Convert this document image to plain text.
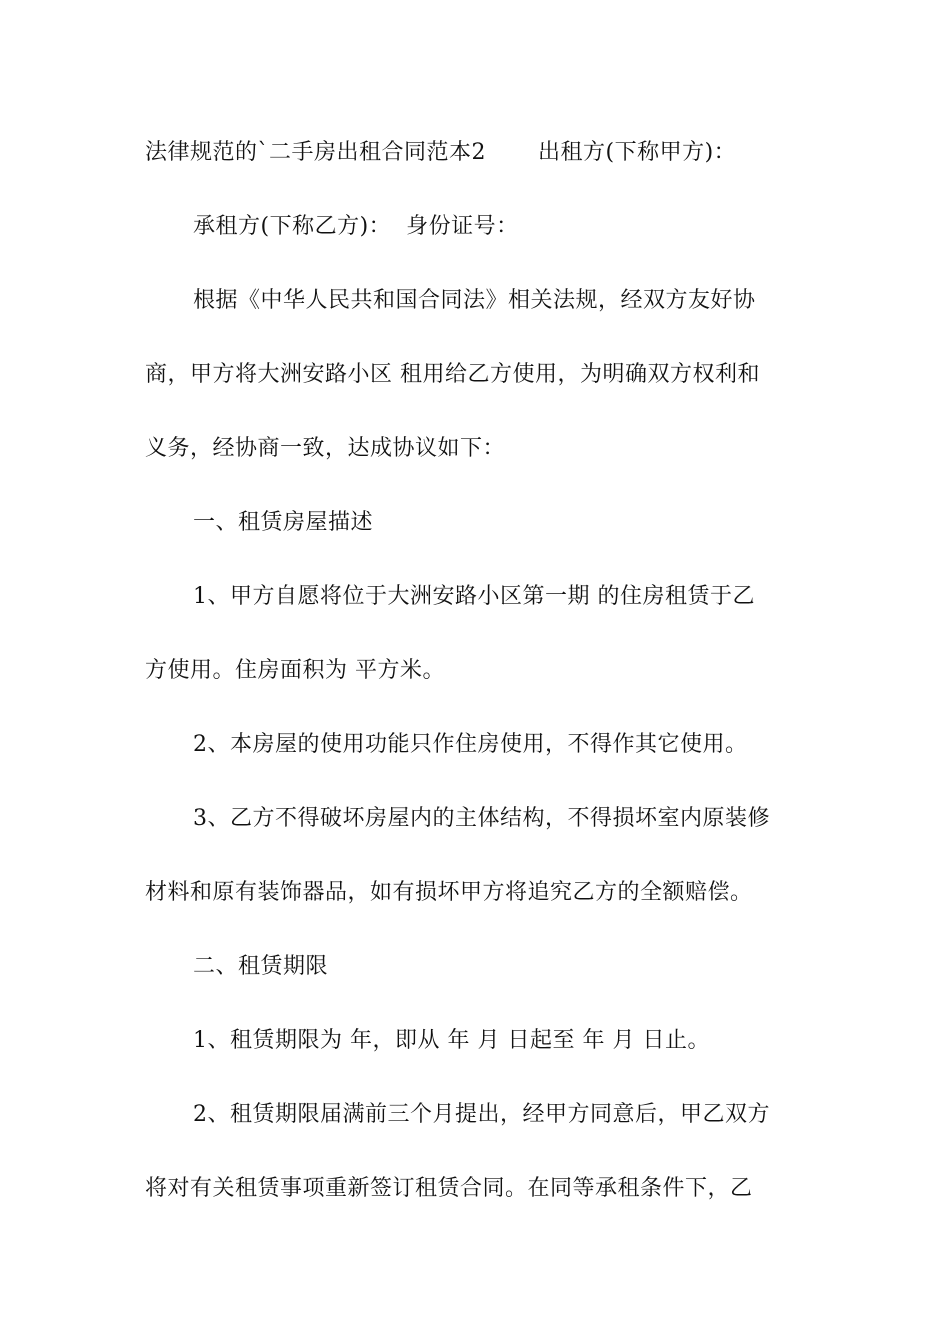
法律规范的`二手房出租合同范本2 出租方(下称甲方)：
承租方(下称乙方)： 身份证号：
根据《中华人民共和国合同法》相关法规，经双方友好协
商，甲方将大洲安路小区 租用给乙方使用，为明确双方权利和
义务，经协商一致，达成协议如下：
一、租赁房屋描述
1、甲方自愿将位于大洲安路小区第一期 的住房租赁于乙
方使用。住房面积为 平方米。
2、本房屋的使用功能只作住房使用，不得作其它使用。
3、乙方不得破坏房屋内的主体结构，不得损坏室内原装修
材料和原有装饰器品，如有损坏甲方将追究乙方的全额赔偿。
二、租赁期限
1、租赁期限为 年，即从 年 月 日起至 年 月 日止。
2、租赁期限届满前三个月提出，经甲方同意后，甲乙双方
将对有关租赁事项重新签订租赁合同。在同等承租条件下，乙
